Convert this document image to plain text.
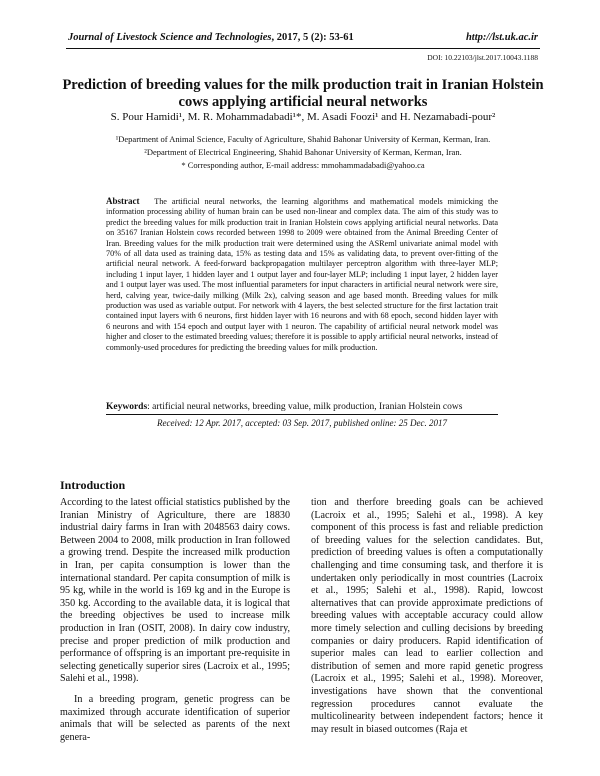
Journal of Livestock Science and Technologies, 2017, 5 (2): 53-61	http://lst.uk.ac.ir
DOI: 10.22103/jlst.2017.10043.1188
Prediction of breeding values for the milk production trait in Iranian Holstein cows applying artificial neural networks
S. Pour Hamidi¹, M. R. Mohammadabadi¹*, M. Asadi Foozi¹ and H. Nezamabadi-pour²
¹Department of Animal Science, Faculty of Agriculture, Shahid Bahonar University of Kerman, Kerman, Iran.
²Department of Electrical Engineering, Shahid Bahonar University of Kerman, Kerman, Iran.
* Corresponding author, E-mail address: mmohammadabadi@yahoo.ca
Abstract The artificial neural networks, the learning algorithms and mathematical models mimicking the information processing ability of human brain can be used non-linear and complex data. The aim of this study was to predict the breeding values for milk production trait in Iranian Holstein cows applying artificial neural networks. Data on 35167 Iranian Holstein cows recorded between 1998 to 2009 were obtained from the Animal Breeding Center of Iran. Breeding values for the milk production trait were determined using the ASReml univariate animal model with 70% of all data used as training data, 15% as testing data and 15% as validating data, to prevent over-fitting of the artificial neural network. A feed-forward backpropagation multilayer perceptron algorithm with three-layer MLP; including 1 input layer, 1 hidden layer and 1 output layer and four-layer MLP; including 1 input layer, 2 hidden layer and 1 output layer was used. The most influential parameters for input characters in artificial neural network were sire, herd, calving year, twice-daily milking (Milk 2x), calving season and age based month. Breeding values for milk production was used as variable output. For network with 4 layers, the best selected structure for the first lactation trait contained input layers with 6 neurons, first hidden layer with 16 neurons and with 68 epoch, second hidden layer with 6 neurons and with 154 epoch and output layer with 1 neuron. The capability of artificial neural network model was higher and closer to the estimated breeding values; therefore it is possible to apply artificial neural networks, instead of commonly-used procedures for predicting the breeding values for milk production.
Keywords: artificial neural networks, breeding value, milk production, Iranian Holstein cows
Received: 12 Apr. 2017, accepted: 03 Sep. 2017, published online: 25 Dec. 2017
Introduction

According to the latest official statistics published by the Iranian Ministry of Agriculture, there are 18830 industrial dairy farms in Iran with 2048563 dairy cows. Between 2004 to 2008, milk production in Iran followed a growing trend. Despite the increased milk production in Iran, per capita consumption is lower than the international standard. Per capita consumption of milk is 95 kg, while in the world is 169 kg and in the Europe is 350 kg. According to the available data, it is logical that the breeding objectives be used to increase milk production in Iran (OSIT, 2008). In dairy cow industry, precise and proper prediction of milk production and performance of offspring is an important pre-requisite in selecting genetically superior sires (Lacroix et al., 1995; Salehi et al., 1998).

In a breeding program, genetic progress can be maximized through accurate identification of superior animals that will be selected as parents of the next genera-

tion and therfore breeding goals can be achieved (Lacroix et al., 1995; Salehi et al., 1998). A key component of this process is fast and reliable prediction of breeding values for the selection candidates. But, prediction of breeding values is often a computationally challenging and time consuming task, and therfore it is undertaken only periodically in most countries (Lacroix et al., 1995; Salehi et al., 1998). Rapid, lowcost alternatives that can provide approximate predictions of breeding values with acceptable accuracy could allow more timely selection and culling decisions by breeding companies or dairy producers. Rapid identification of superior males can lead to earlier collection and distribution of semen and more rapid genetic progress (Lacroix et al., 1995; Salehi et al., 1998). Moreover, investigations have shown that the conventional regression procedures cannot evaluate the multicolinearity between independent factors; hence it may result in biased outcomes (Raja et
